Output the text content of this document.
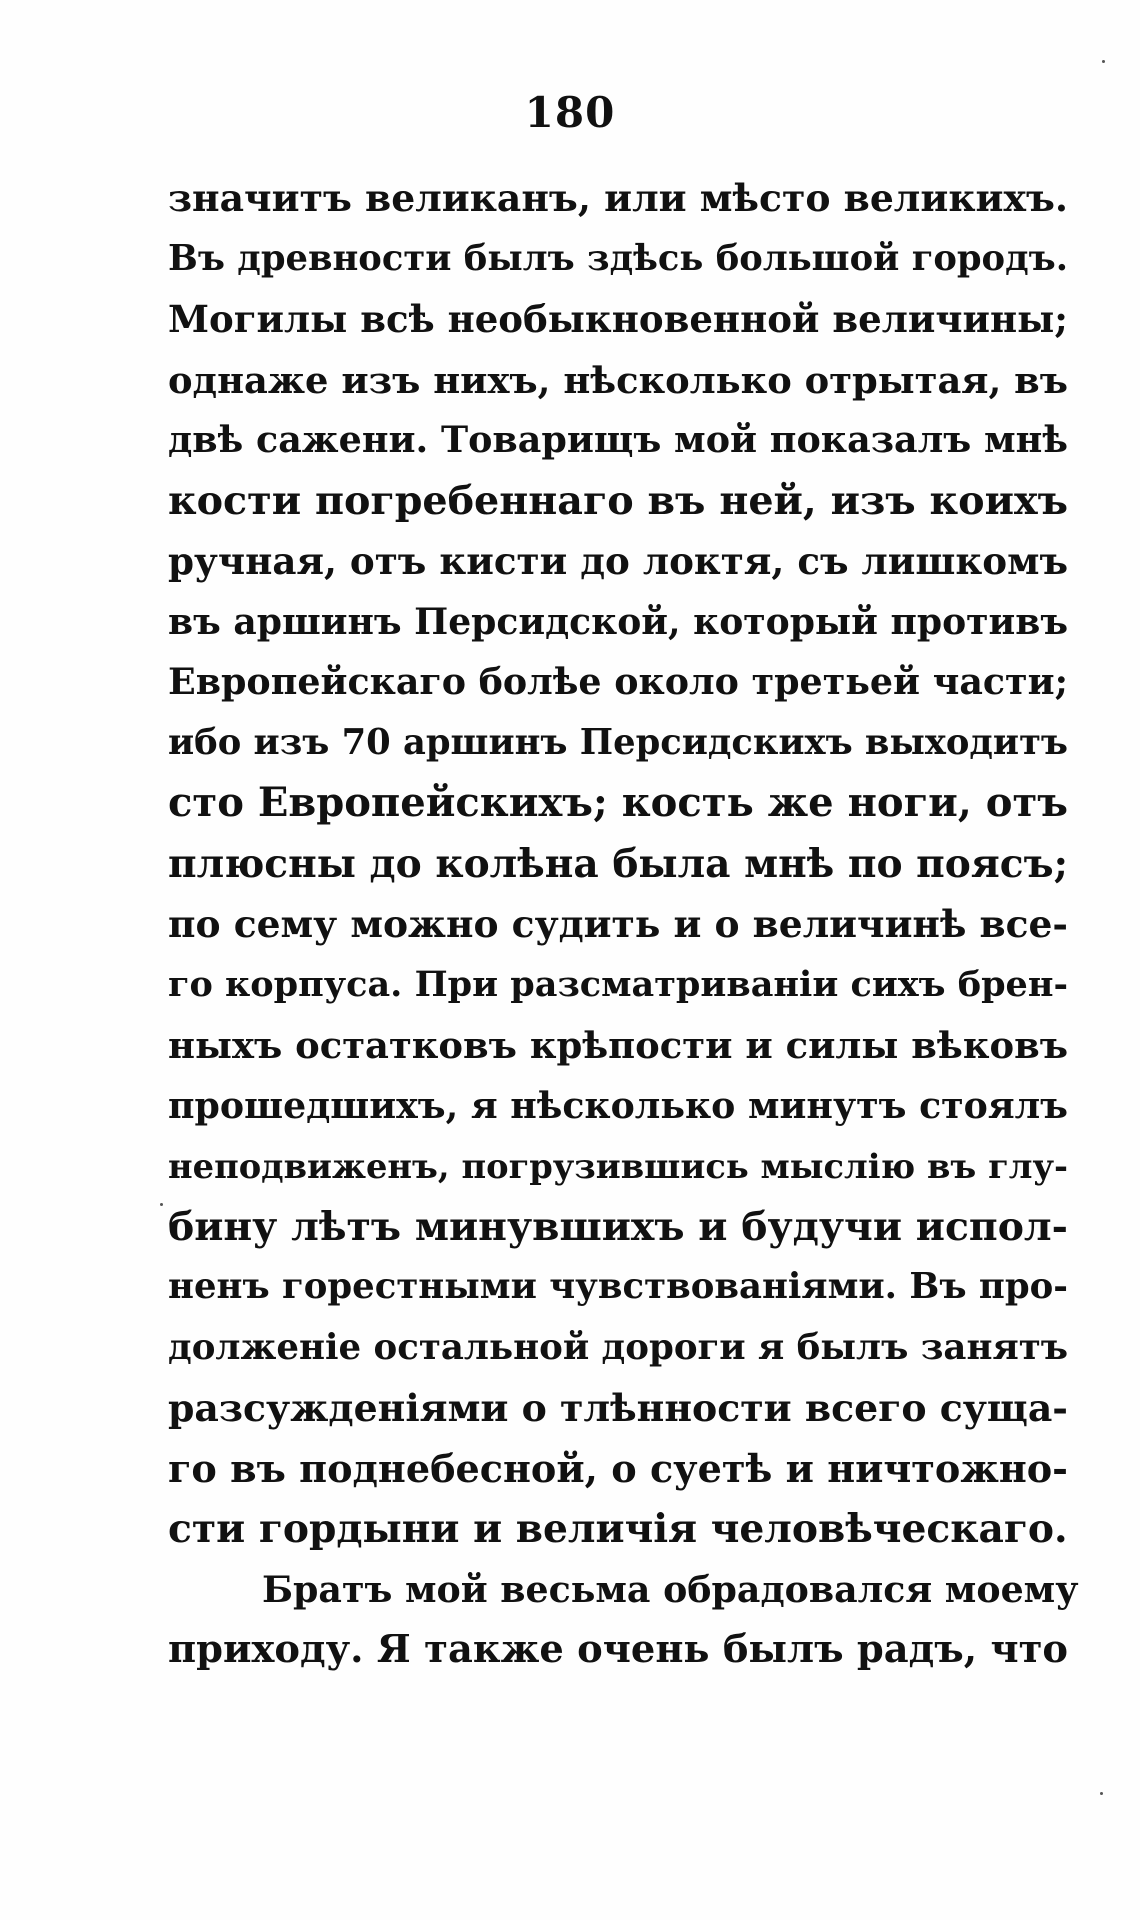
180
значитъ великанъ, или мѣсто великихъ.
Въ древности былъ здѣсь большой городъ.
Могилы всѣ необыкновенной величины;
однаже изъ нихъ, нѣсколько отрытая, въ
двѣ сажени. Товарищъ мой показалъ мнѣ
кости погребеннаго въ ней, изъ коихъ
ручная, отъ кисти до локтя, съ лишкомъ
въ аршинъ Персидской, который противъ
Европейскаго болѣе около третьей части;
ибо изъ 70 аршинъ Персидскихъ выходитъ
сто Европейскихъ; кость же ноги, отъ
плюсны до колѣна была мнѣ по поясъ;
по сему можно судить и о величинѣ все-
го корпуса. При разсматриваніи сихъ брен-
ныхъ остатковъ крѣпости и силы вѣковъ
прошедшихъ, я нѣсколько минутъ стоялъ
неподвиженъ, погрузившись мыслію въ глу-
бину лѣтъ минувшихъ и будучи испол-
ненъ горестными чувствованіями. Въ про-
долженіе остальной дороги я былъ занятъ
разсужденіями о тлѣнности всего суща-
го въ поднебесной, о суетѣ и ничтожно-
сти гордыни и величія человѣческаго.
Братъ мой весьма обрадовался моему
приходу. Я также очень былъ радъ, что
